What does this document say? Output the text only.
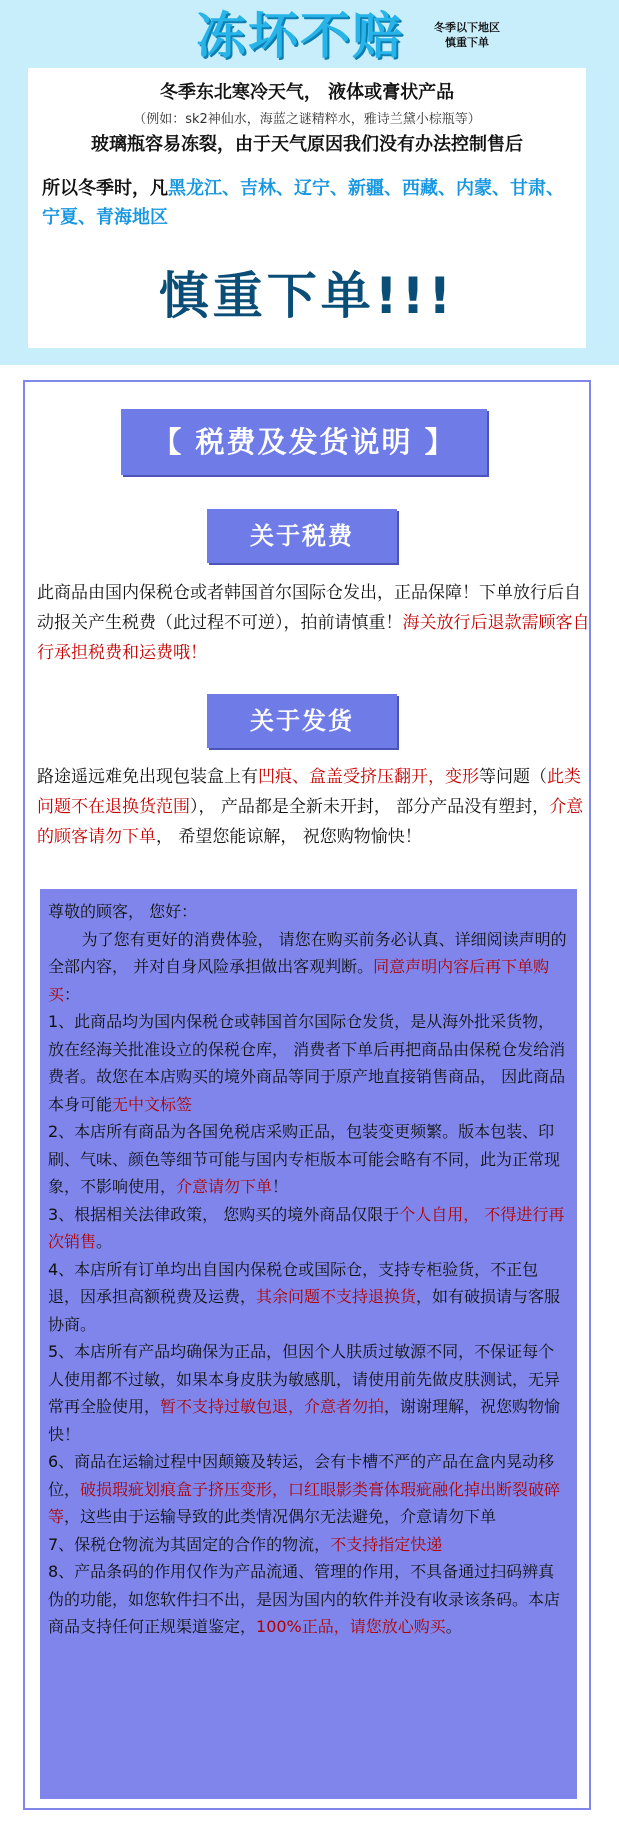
冻坏不赔	冬季以下地区
慎重下单
冬季东北寒冷天气， 液体或膏状产品
（例如：sk2神仙水，海蓝之谜精粹水，雅诗兰黛小棕瓶等）
玻璃瓶容易冻裂，由于天气原因我们没有办法控制售后
所以冬季时，凡黑龙江、吉林、辽宁、新疆、西藏、内蒙、甘肃、宁夏、青海地区
慎重下单!!!
【 税费及发货说明 】
关于税费
此商品由国内保税仓或者韩国首尔国际仓发出，正品保障！下单放行后自动报关产生税费（此过程不可逆），拍前请慎重！海关放行后退款需顾客自行承担税费和运费哦！
关于发货
路途遥远难免出现包装盒上有凹痕、盒盖受挤压翻开，变形等问题（此类问题不在退换货范围）， 产品都是全新未开封， 部分产品没有塑封，介意的顾客请勿下单， 希望您能谅解， 祝您购物愉快！

尊敬的顾客， 您好：

为了您有更好的消费体验， 请您在购买前务必认真、详细阅读声明的全部内容， 并对自身风险承担做出客观判断。同意声明内容后再下单购买：

1、此商品均为国内保税仓或韩国首尔国际仓发货，是从海外批采货物， 放在经海关批准设立的保税仓库， 消费者下单后再把商品由保税仓发给消费者。故您在本店购买的境外商品等同于原产地直接销售商品， 因此商品本身可能无中文标签

2、本店所有商品为各国免税店采购正品，包装变更频繁。版本包装、印刷、气味、颜色等细节可能与国内专柜版本可能会略有不同，此为正常现象，不影响使用，介意请勿下单！

3、根据相关法律政策， 您购买的境外商品仅限于个人自用， 不得进行再次销售。

4、本店所有订单均出自国内保税仓或国际仓，支持专柜验货，不正包退，因承担高额税费及运费，其余问题不支持退换货，如有破损请与客服协商。

5、本店所有产品均确保为正品，但因个人肤质过敏源不同，不保证每个人使用都不过敏，如果本身皮肤为敏感肌，请使用前先做皮肤测试，无异常再全脸使用，暂不支持过敏包退，介意者勿拍，谢谢理解，祝您购物愉快！

6、商品在运输过程中因颠簸及转运，会有卡槽不严的产品在盒内晃动移位，破损瑕疵划痕盒子挤压变形，口红眼影类膏体瑕疵融化掉出断裂破碎等，这些由于运输导致的此类情况偶尔无法避免，介意请勿下单

7、保税仓物流为其固定的合作的物流，不支持指定快递

8、产品条码的作用仅作为产品流通、管理的作用，不具备通过扫码辨真伪的功能，如您软件扫不出，是因为国内的软件并没有收录该条码。本店商品支持任何正规渠道鉴定，100%正品，请您放心购买。
